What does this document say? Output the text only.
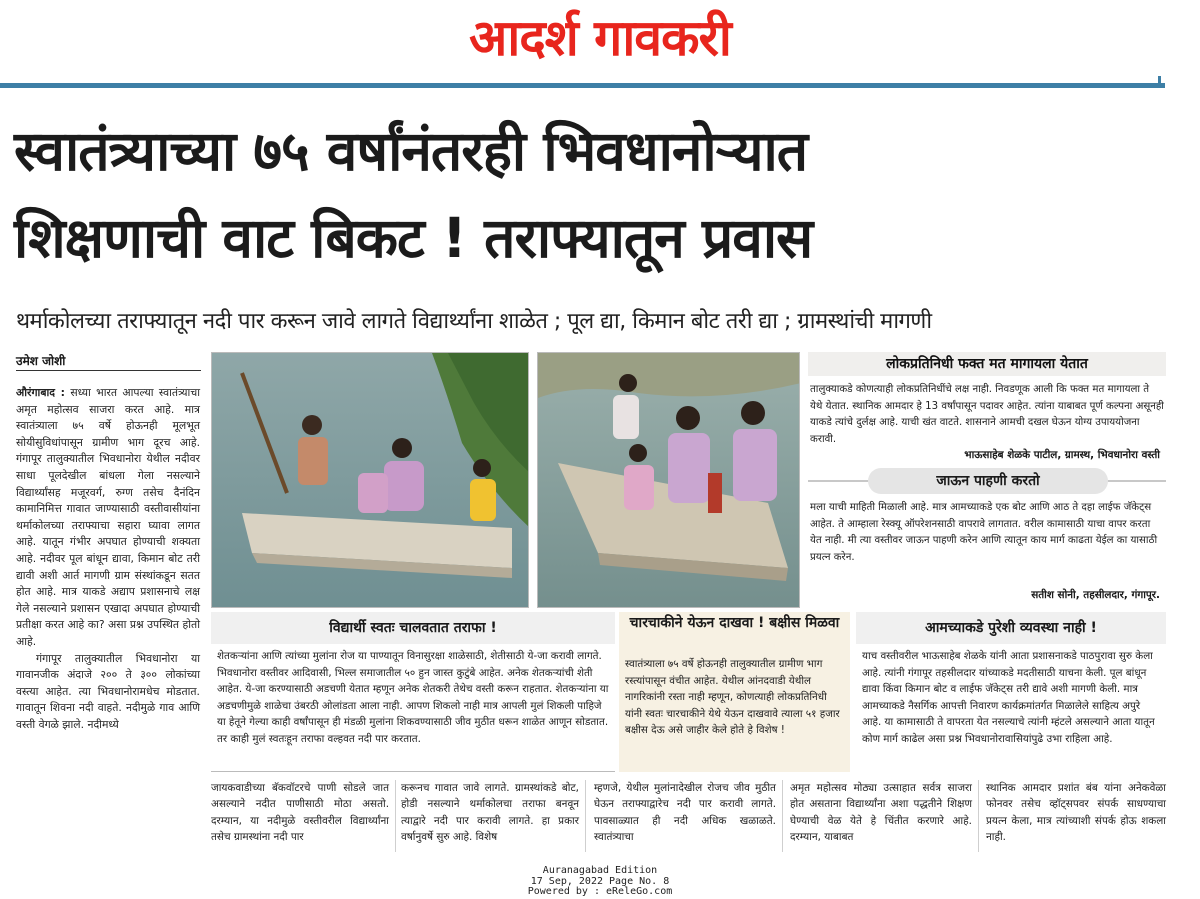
आदर्श गावकरी
स्वातंत्र्याच्या ७५ वर्षांनंतरही भिवधानोऱ्यात
शिक्षणाची वाट बिकट ! तराफ्यातून प्रवास
थर्माकोलच्या तराफ्यातून नदी पार करून जावे लागते विद्यार्थ्यांना शाळेत ; पूल द्या, किमान बोट तरी द्या ; ग्रामस्थांची मागणी
उमेश जोशी

औरंगाबाद : सध्या भारत आपल्या स्वातंत्र्याचा अमृत महोत्सव साजरा करत आहे. मात्र स्वातंत्र्याला ७५ वर्षे होऊनही मूलभूत सोयीसुविधांपासून ग्रामीण भाग दूरच आहे. गंगापूर तालुक्यातील भिवधानोरा येथील नदीवर साधा पूलदेखील बांधला गेला नसल्याने विद्यार्थ्यांसह मजूरवर्ग, रुग्ण तसेच दैनंदिन कामानिमित्त गावात जाण्यासाठी वस्तीवासीयांना थर्माकोलच्या तराफ्याचा सहारा घ्यावा लागत आहे. यातून गंभीर अपघात होण्याची शक्यता आहे. नदीवर पूल बांधून द्यावा, किमान बोट तरी द्यावी अशी आर्त मागणी ग्राम संस्थांकडून सतत होत आहे. मात्र याकडे अद्याप प्रशासनाचे लक्ष गेले नसल्याने प्रशासन एखादा अपघात होण्याची प्रतीक्षा करत आहे का? असा प्रश्न उपस्थित होतो आहे.

गंगापूर तालुक्यातील भिवधानोरा या गावानजीक अंदाजे २०० ते ३०० लोकांच्या वस्त्या आहेत. त्या भिवधानोरामधेच मोडतात. गावातून शिवना नदी वाहते. नदीमुळे गाव आणि वस्ती वेगळे झाले. नदीमध्ये

लोकप्रतिनिधी फक्त मत मागायला येतात
तालुक्याकडे कोणत्याही लोकप्रतिनिधींचे लक्ष नाही. निवडणूक आली कि फक्त मत मागायला ते येथे येतात. स्थानिक आमदार हे 13 वर्षांपासून पदावर आहेत. त्यांना याबाबत पूर्ण कल्पना असूनही याकडे त्यांचे दुर्लक्ष आहे. याची खंत वाटते. शासनाने आमची दखल घेऊन योग्य उपाययोजना करावी.
भाऊसाहेब शेळके पाटील, ग्रामस्थ, भिवधानोरा वस्ती
जाऊन पाहणी करतो
मला याची माहिती मिळाली आहे. मात्र आमच्याकडे एक बोट आणि आठ ते दहा लाईफ जॅकेट्स आहेत. ते आम्हाला रेस्क्यू ऑपरेशनसाठी वापरावे लागतात. वरील कामासाठी याचा वापर करता येत नाही. मी त्या वस्तीवर जाऊन पाहणी करेन आणि त्यातून काय मार्ग काढता येईल का यासाठी प्रयत्न करेन.
सतीश सोनी, तहसीलदार, गंगापूर.
विद्यार्थी स्वतः चालवतात तराफा !
शेतकऱ्यांना आणि त्यांच्या मुलांना रोज या पाण्यातून विनासुरक्षा शाळेसाठी, शेतीसाठी ये-जा करावी लागते. भिवधानोरा वस्तीवर आदिवासी, भिल्ल समाजातील ५० हुन जास्त कुटुंबे आहेत. अनेक शेतकऱ्यांची शेती आहेत. ये-जा करण्यासाठी अडचणी येतात म्हणून अनेक शेतकरी तेथेच वस्ती करून राहतात. शेतकऱ्यांना या अडचणीमुळे शाळेचा उंबरठी ओलांडता आला नाही. आपण शिकलो नाही मात्र आपली मुलं शिकली पाहिजे या हेतूने गेल्या काही वर्षांपासून ही मंडळी मुलांना शिकवण्यासाठी जीव मुठीत धरून शाळेत आणून सोडतात. तर काही मुलं स्वतःहून तराफा वल्हवत नदी पार करतात.
चारचाकीने येऊन दाखवा ! बक्षीस मिळवा
स्वातंत्र्याला ७५ वर्षे होऊनही तालुक्यातील ग्रामीण भाग रस्त्यांपासून वंचीत आहेत. येथील आंनदवाडी येथील नागरिकांनी रस्ता नाही म्हणून, कोणत्याही लोकप्रतिनिधी यांनी स्वतः चारचाकीने येथे येऊन दाखवावे त्याला ५१ हजार बक्षीस देऊ असे जाहीर केले होते हे विशेष !
आमच्याकडे पुरेशी व्यवस्था नाही !
याच वस्तीवरील भाऊसाहेब शेळके यांनी आता प्रशासनाकडे पाठपुरावा सुरु केला आहे. त्यांनी गंगापूर तहसीलदार यांच्याकडे मदतीसाठी याचना केली. पूल बांधून द्यावा किंवा किमान बोट व लाईफ जॅकेट्स तरी द्यावे अशी मागणी केली. मात्र आमच्याकडे नैसर्गिक आपत्ती निवारण कार्यक्रमांतर्गत मिळालेले साहित्य अपुरे आहे. या कामासाठी ते वापरता येत नसल्याचे त्यांनी म्हंटले असल्याने आता यातून कोण मार्ग काढेल असा प्रश्न भिवधानोरावासियांपुढे उभा राहिला आहे.
जायकवाडीच्या बॅकवॉटरचे पाणी सोडले जात असल्याने नदीत पाणीसाठी मोठा असतो. दरम्यान, या नदीमुळे वस्तीवरील विद्यार्थ्यांना तसेच ग्रामस्थांना नदी पार
करूनच गावात जावे लागते. ग्रामस्थांकडे बोट, होडी नसल्याने थर्माकोलचा तराफा बनवून त्याद्वारे नदी पार करावी लागते. हा प्रकार वर्षानुवर्षे सुरु आहे. विशेष
म्हणजे, येथील मुलांनादेखील रोजच जीव मुठीत घेऊन तराफ्याद्वारेच नदी पार करावी लागते. पावसाळ्यात ही नदी अधिक खळाळते. स्वातंत्र्याचा
अमृत महोत्सव मोठ्या उत्साहात सर्वत्र साजरा होत असताना विद्यार्थ्यांना अशा पद्धतीने शिक्षण घेण्याची वेळ येते हे चिंतीत करणारे आहे. दरम्यान, याबाबत
स्थानिक आमदार प्रशांत बंब यांना अनेकवेळा फोनवर तसेच व्हॉट्सपवर संपर्क साधण्याचा प्रयत्न केला, मात्र त्यांच्याशी संपर्क होऊ शकला नाही.
Auranagabad Edition
17 Sep, 2022 Page No. 8
Powered by : eReleGo.com
